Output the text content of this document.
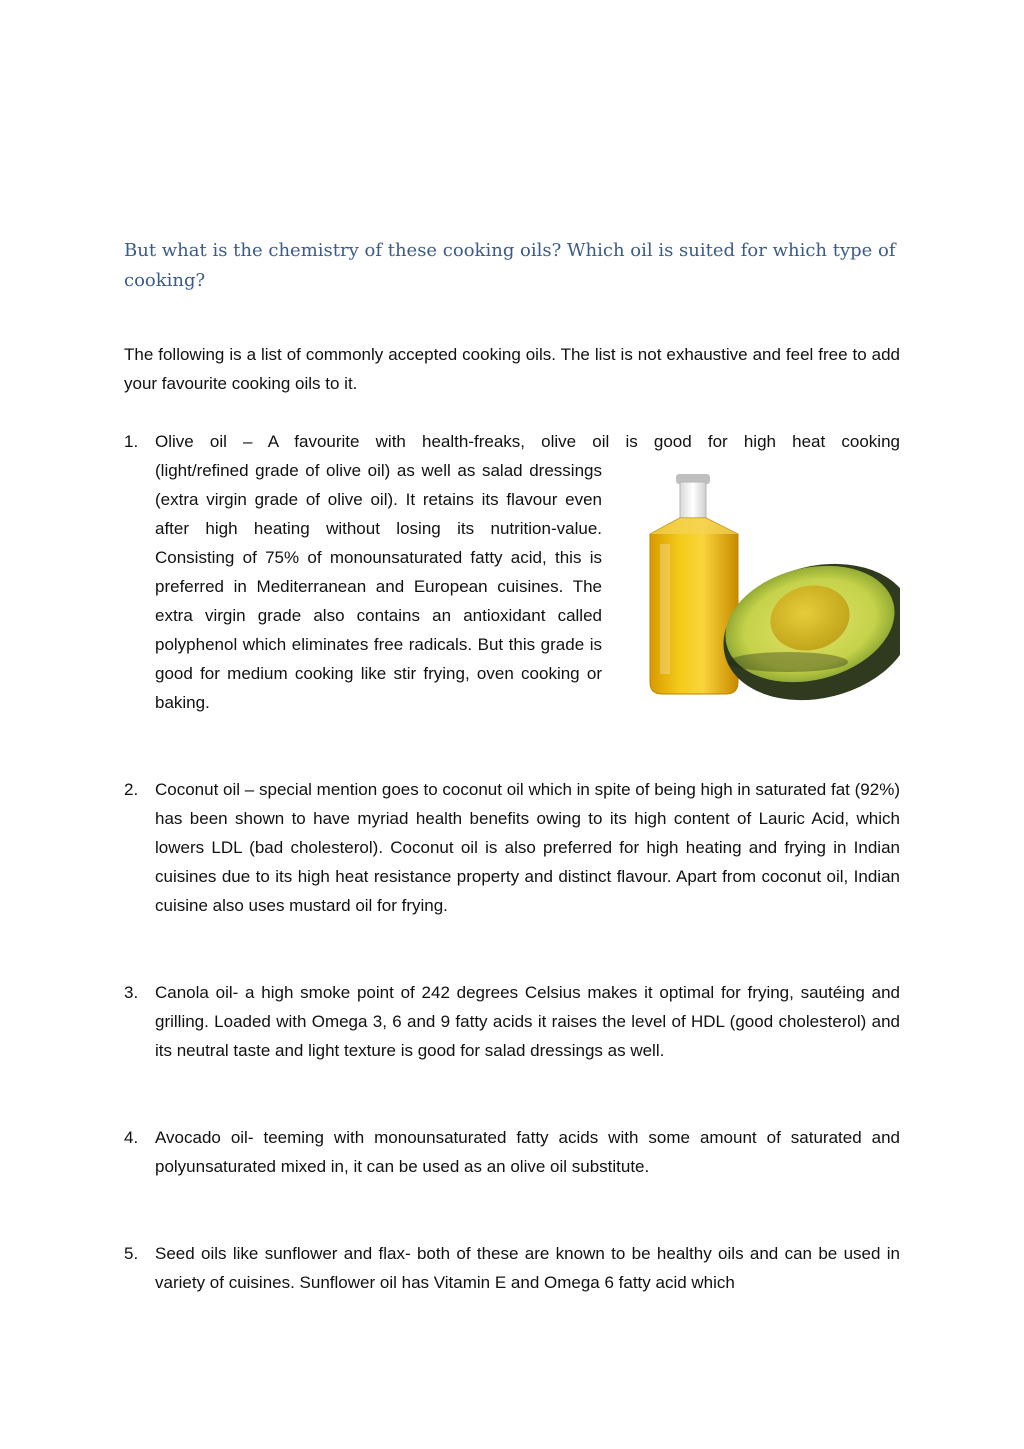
But what is the chemistry of these cooking oils? Which oil is suited for which type of cooking?

The following is a list of commonly accepted cooking oils. The list is not exhaustive and feel free to add your favourite cooking oils to it.

1. Olive oil – A favourite with health-freaks, olive oil is good for high heat cooking

(light/refined grade of olive oil) as well as salad dressings (extra virgin grade of olive oil). It retains its flavour even after high heating without losing its nutrition-value. Consisting of 75% of monounsaturated fatty acid, this is preferred in Mediterranean and European cuisines. The extra virgin grade also contains an antioxidant called polyphenol which eliminates free radicals. But this grade is good for medium cooking like stir frying, oven cooking or baking.

2. Coconut oil – special mention goes to coconut oil which in spite of being high in saturated fat (92%) has been shown to have myriad health benefits owing to its high content of Lauric Acid, which lowers LDL (bad cholesterol). Coconut oil is also preferred for high heating and frying in Indian cuisines due to its high heat resistance property and distinct flavour. Apart from coconut oil, Indian cuisine also uses mustard oil for frying.

3. Canola oil- a high smoke point of 242 degrees Celsius makes it optimal for frying, sautéing and grilling. Loaded with Omega 3, 6 and 9 fatty acids it raises the level of HDL (good cholesterol) and its neutral taste and light texture is good for salad dressings as well.

4. Avocado oil- teeming with monounsaturated fatty acids with some amount of saturated and polyunsaturated mixed in, it can be used as an olive oil substitute.

5. Seed oils like sunflower and flax- both of these are known to be healthy oils and can be used in variety of cuisines. Sunflower oil has Vitamin E and Omega 6 fatty acid which
